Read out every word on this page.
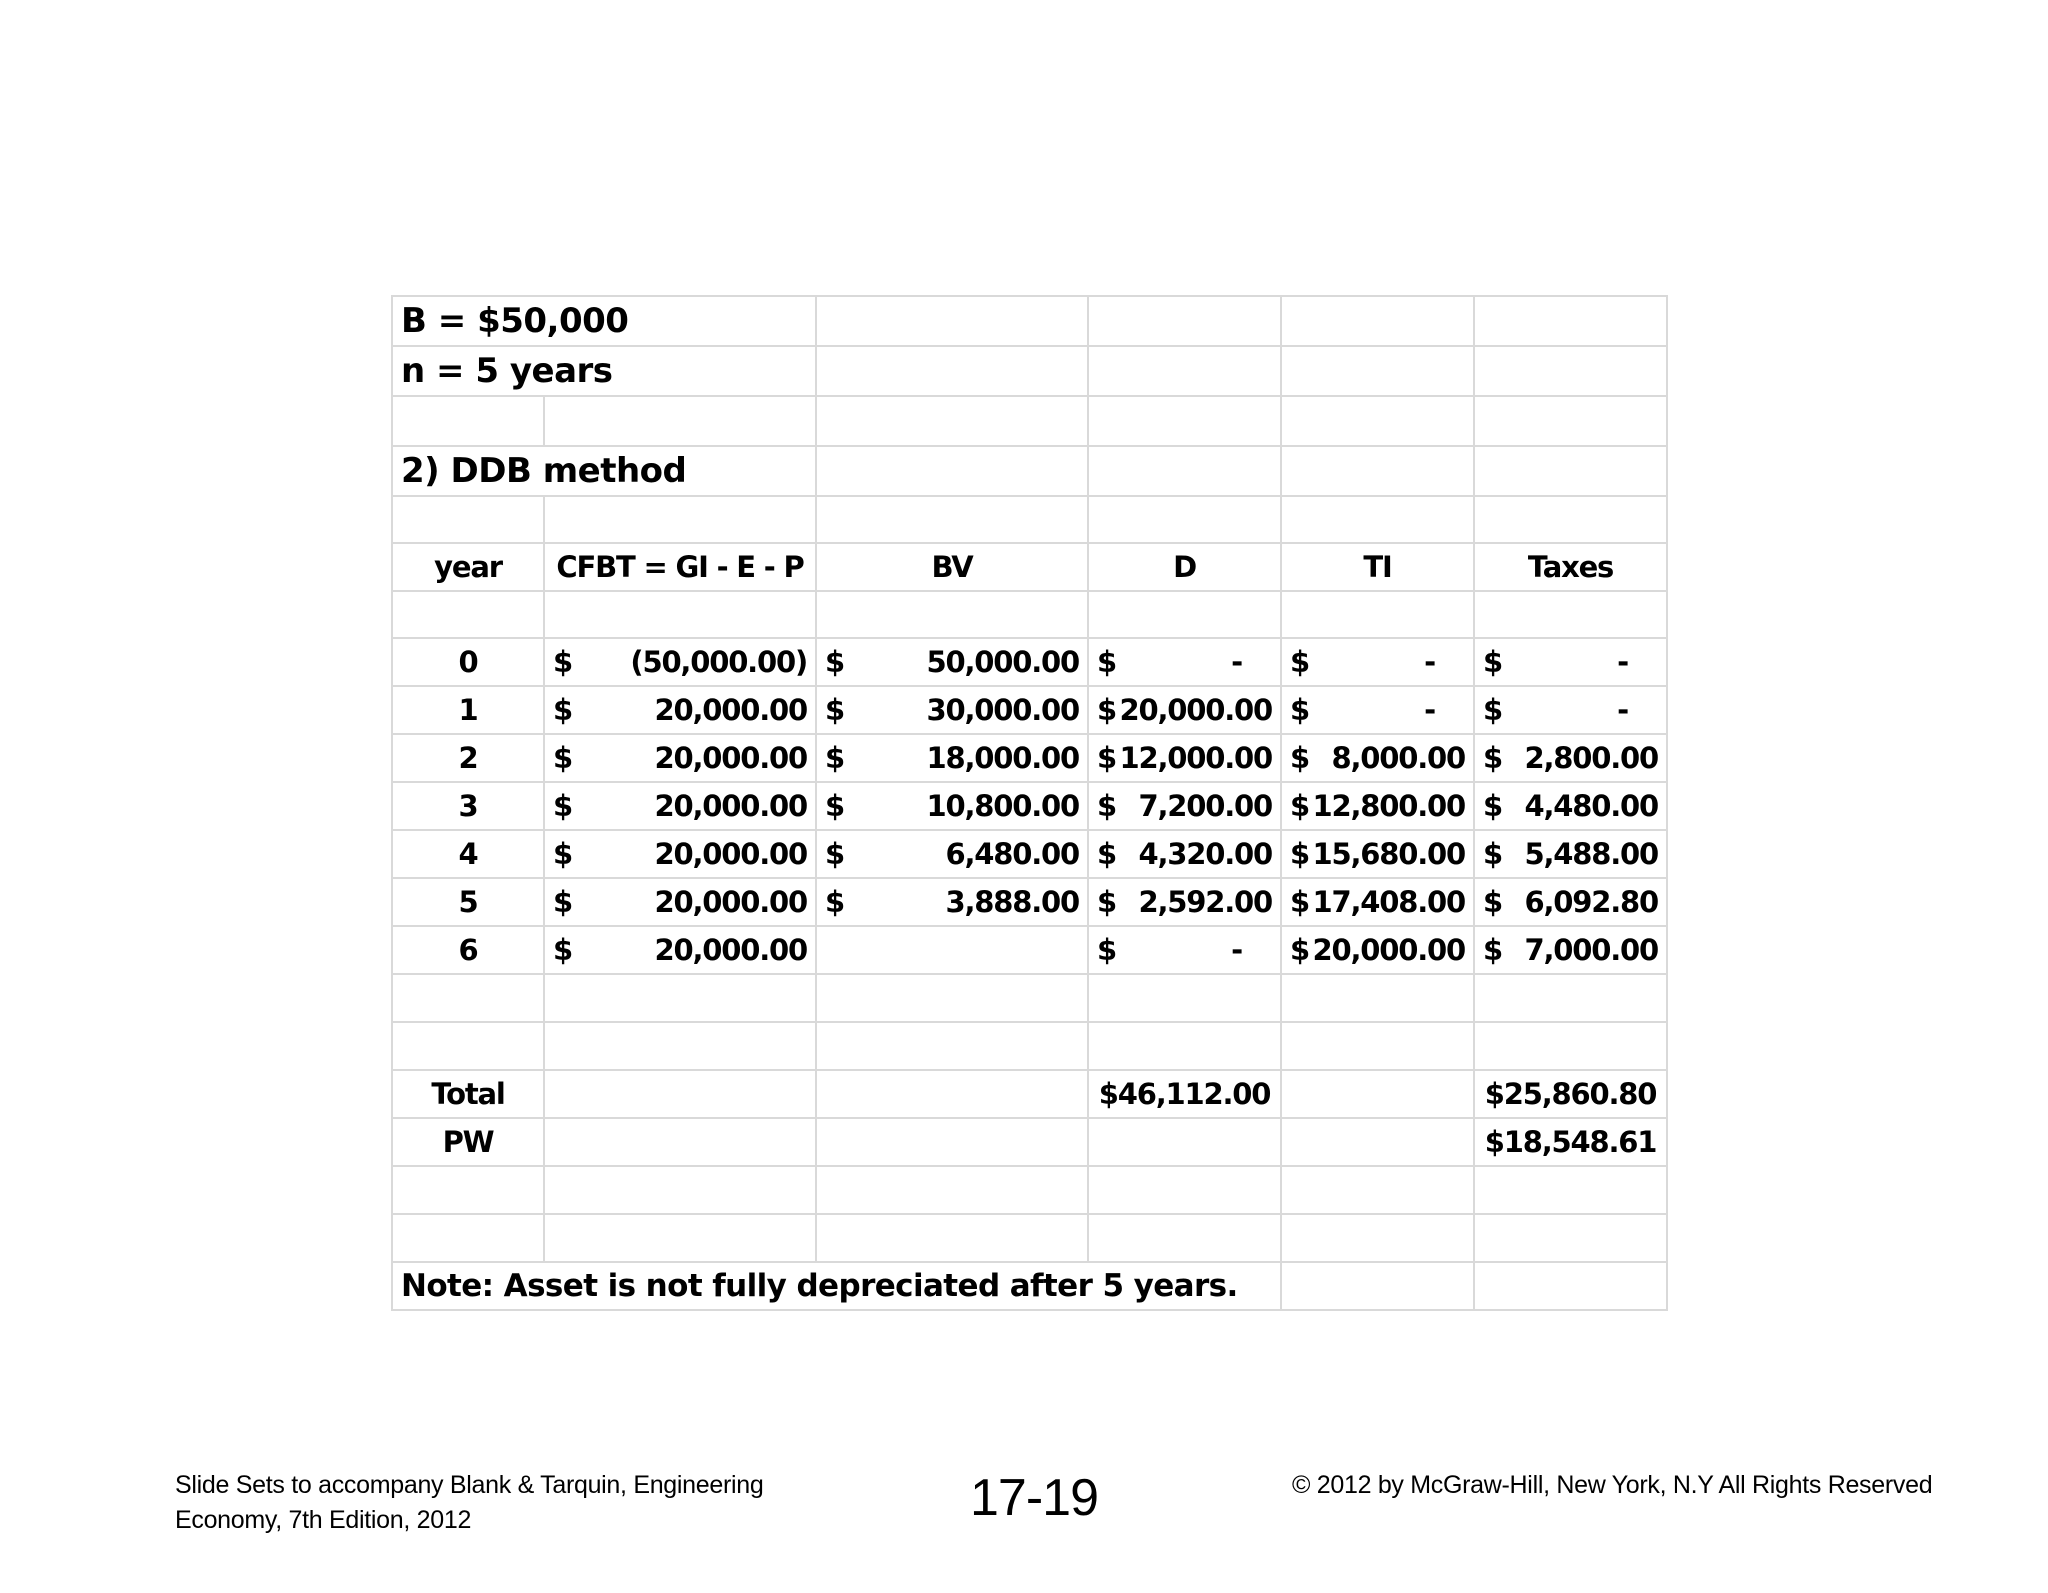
B = $50,000					
n = 5 years					

2) DDB method					

year	CFBT = GI - E - P	BV	D	TI	Taxes

0	$ (50,000.00)	$ 50,000.00	$ -	$ -	$ -

1	$ 20,000.00	$ 30,000.00	$ 20,000.00	$ -	$ -

2	$ 20,000.00	$ 18,000.00	$ 12,000.00	$ 8,000.00	$ 2,800.00

3	$ 20,000.00	$ 10,800.00	$ 7,200.00	$ 12,800.00	$ 4,480.00

4	$ 20,000.00	$ 6,480.00	$ 4,320.00	$ 15,680.00	$ 5,488.00

5	$ 20,000.00	$ 3,888.00	$ 2,592.00	$ 17,408.00	$ 6,092.80

6	$ 20,000.00		$ -	$ 20,000.00	$ 7,000.00

Total			$46,112.00		$25,860.80
PW					$18,548.61

Note: Asset is not fully depreciated after 5 years.					
Slide Sets to accompany Blank & Tarquin, Engineering
Economy, 7th Edition, 2012	17-19	© 2012 by McGraw-Hill, New York, N.Y All Rights Reserved
